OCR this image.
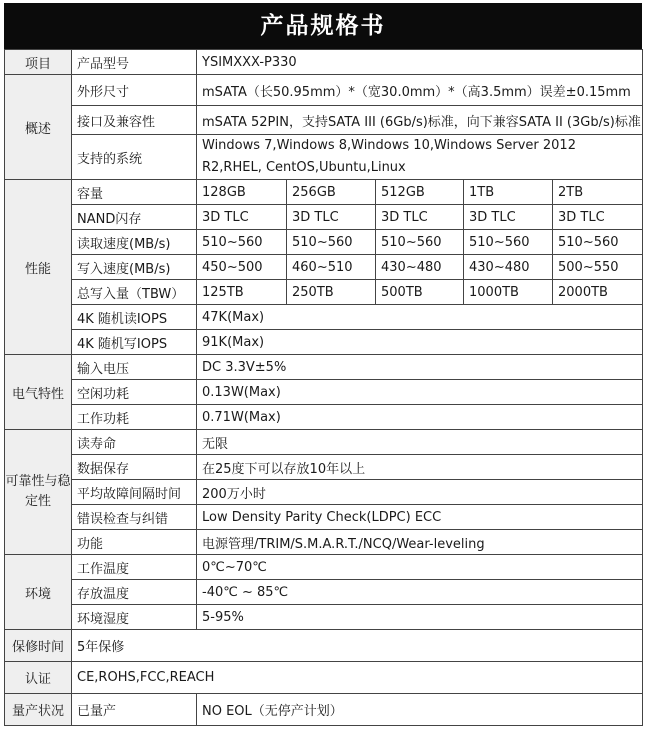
产品规格书
项目	产品型号	YSIMXXX-P330				
概述	外形尺寸	mSATA（长50.95mm）*（宽30.0mm）*（高3.5mm）误差±0.15mm				
	接口及兼容性	mSATA 52PIN，支持SATA III (6Gb/s)标准，向下兼容SATA II (3Gb/s)标准				
	支持的系统	Windows 7,Windows 8,Windows 10,Windows Server 2012 R2,RHEL, CentOS,Ubuntu,Linux				
性能	容量	128GB	256GB	512GB	1TB	2TB
	NAND闪存	3D TLC	3D TLC	3D TLC	3D TLC	3D TLC
	读取速度(MB/s)	510~560	510~560	510~560	510~560	510~560
	写入速度(MB/s)	450~500	460~510	430~480	430~480	500~550
	总写入量（TBW）	125TB	250TB	500TB	1000TB	2000TB
	4K 随机读IOPS	47K(Max)				
	4K 随机写IOPS	91K(Max)				
电气特性	输入电压	DC 3.3V±5%				
	空闲功耗	0.13W(Max)				
	工作功耗	0.71W(Max)				
可靠性与稳定性	读寿命	无限				
	数据保存	在25度下可以存放10年以上				
	平均故障间隔时间	200万小时				
	错误检查与纠错	Low Density Parity Check(LDPC) ECC				
	功能	电源管理/TRIM/S.M.A.R.T./NCQ/Wear-leveling				
环境	工作温度	0℃~70℃				
	存放温度	-40℃ ~ 85℃				
	环境湿度	5-95%				
保修时间	5年保修					
认证	CE,ROHS,FCC,REACH					
量产状况	已量产	NO EOL（无停产计划）				
